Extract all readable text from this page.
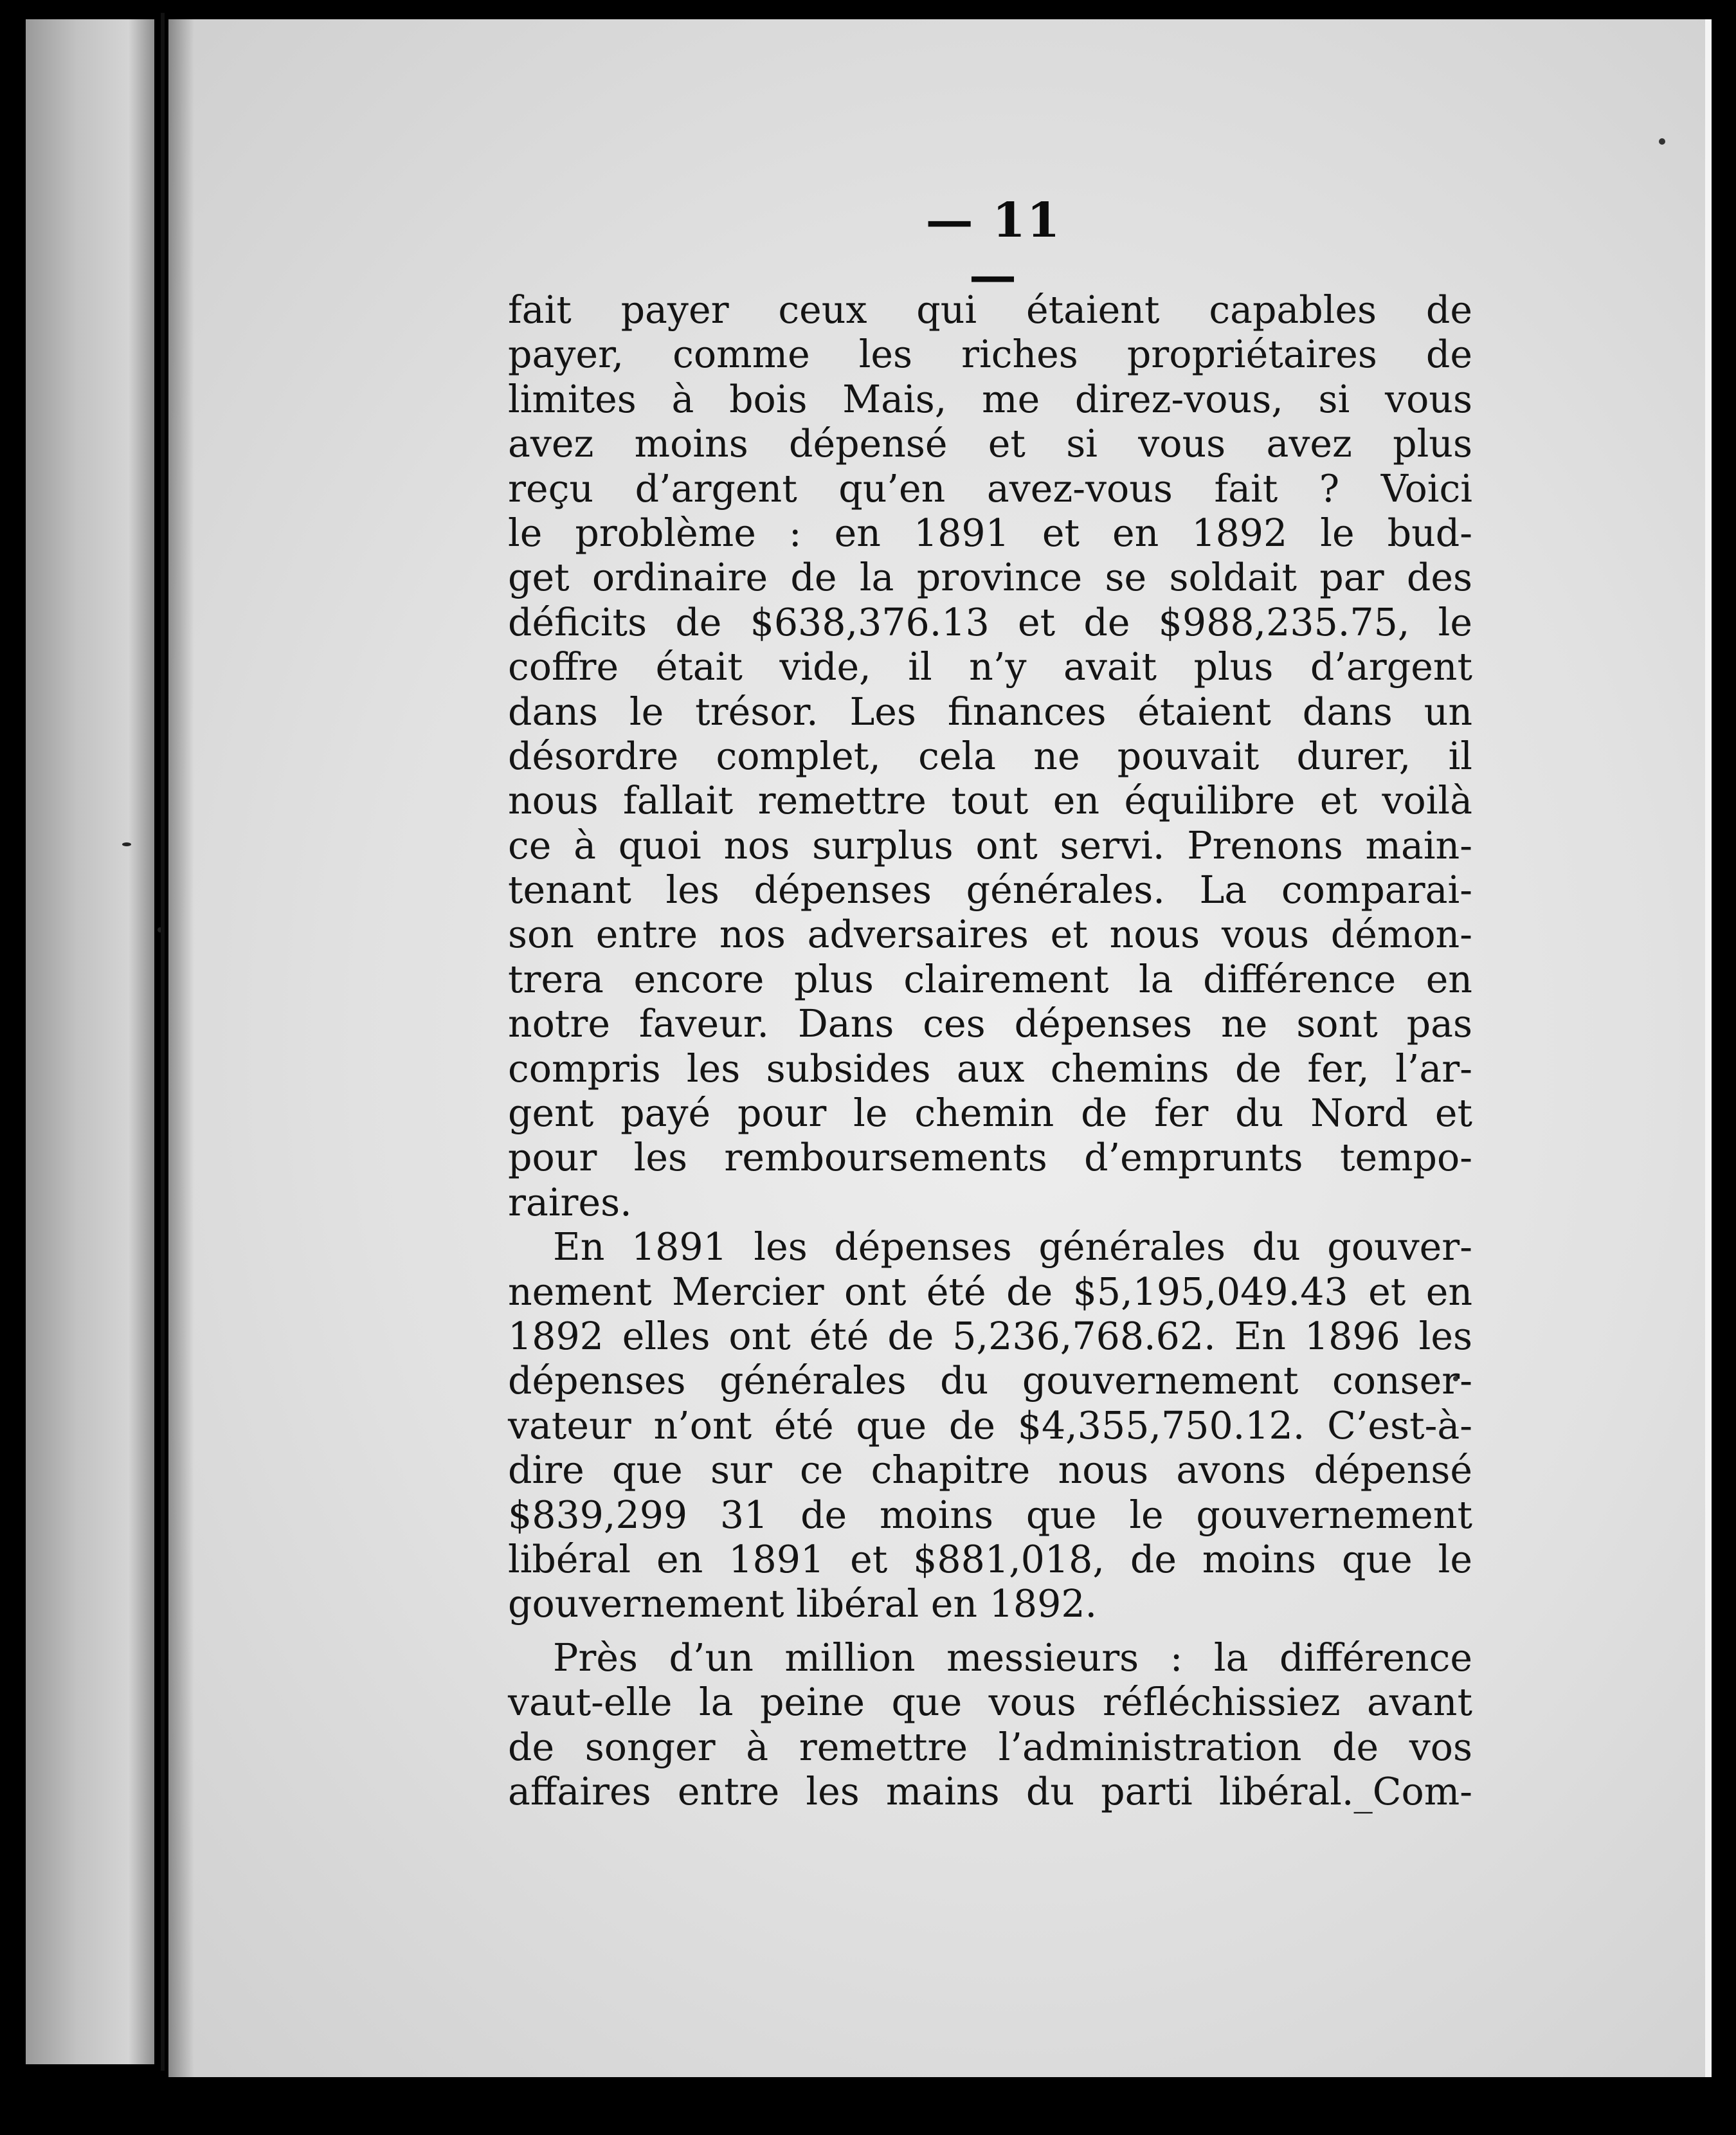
— 11 —
fait payer ceux qui étaient capables de
payer, comme les riches propriétaires de
limites à bois Mais, me direz-vous, si vous
avez moins dépensé et si vous avez plus
reçu d’argent qu’en avez-vous fait ? Voici
le problème : en 1891 et en 1892 le bud-
get ordinaire de la province se soldait par des
déficits de $638,376.13 et de $988,235.75, le
coffre était vide, il n’y avait plus d’argent
dans le trésor. Les finances étaient dans un
désordre complet, cela ne pouvait durer, il
nous fallait remettre tout en équilibre et voilà
ce à quoi nos surplus ont servi. Prenons main-
tenant les dépenses générales. La comparai-
son entre nos adversaires et nous vous démon-
trera encore plus clairement la différence en
notre faveur. Dans ces dépenses ne sont pas
compris les subsides aux chemins de fer, l’ar-
gent payé pour le chemin de fer du Nord et
pour les remboursements d’emprunts tempo-
raires.
En 1891 les dépenses générales du gouver-
nement Mercier ont été de $5,195,049.43 et en
1892 elles ont été de 5,236,768.62. En 1896 les
dépenses générales du gouvernement conser-
vateur n’ont été que de $4,355,750.12. C’est-à-
dire que sur ce chapitre nous avons dépensé
$839,299 31 de moins que le gouvernement
libéral en 1891 et $881,018, de moins que le
gouvernement libéral en 1892.
Près d’un million messieurs : la différence
vaut-elle la peine que vous réfléchissiez avant
de songer à remettre l’administration de vos
affaires entre les mains du parti libéral._Com-
